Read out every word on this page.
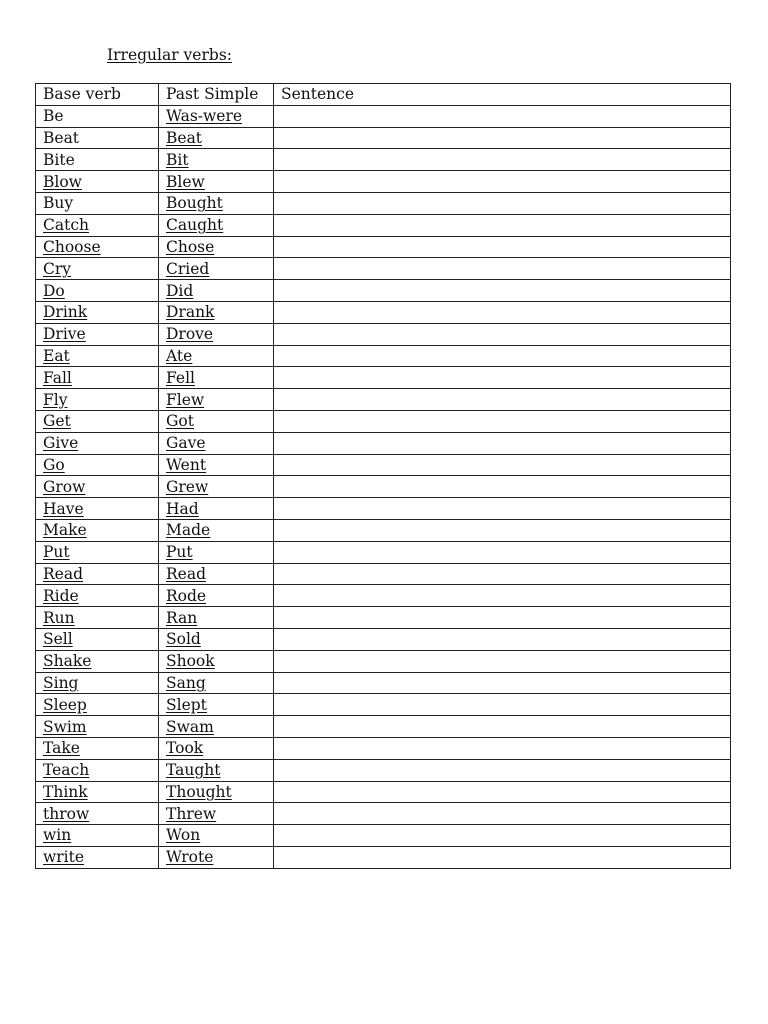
Irregular verbs:
Base verb	Past Simple	Sentence
Be	Was-were	
Beat	Beat	
Bite	Bit	
Blow	Blew	
Buy	Bought	
Catch	Caught	
Choose	Chose	
Cry	Cried	
Do	Did	
Drink	Drank	
Drive	Drove	
Eat	Ate	
Fall	Fell	
Fly	Flew	
Get	Got	
Give	Gave	
Go	Went	
Grow	Grew	
Have	Had	
Make	Made	
Put	Put	
Read	Read	
Ride	Rode	
Run	Ran	
Sell	Sold	
Shake	Shook	
Sing	Sang	
Sleep	Slept	
Swim	Swam	
Take	Took	
Teach	Taught	
Think	Thought	
throw	Threw	
win	Won	
write	Wrote	
